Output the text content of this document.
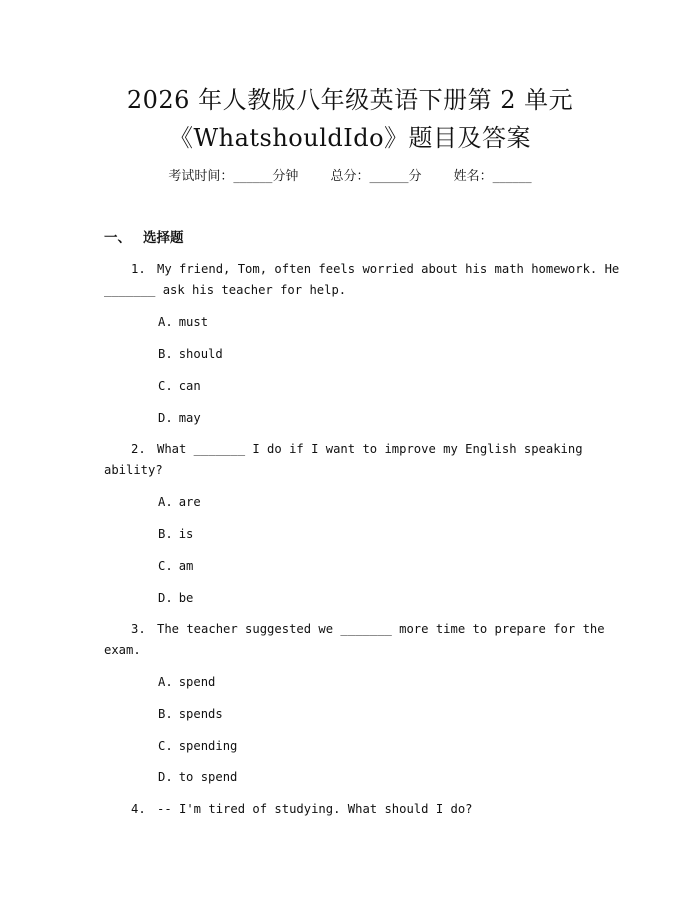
2026 年人教版八年级英语下册第 2 单元
《WhatshouldIdo》题目及答案
考试时间：______分钟 总分：______分 姓名：______
一、 选择题
1. My friend, Tom, often feels worried about his math homework. He
_______ ask his teacher for help.
A. must
B. should
C. can
D. may
2. What _______ I do if I want to improve my English speaking
ability?
A. are
B. is
C. am
D. be
3. The teacher suggested we _______ more time to prepare for the
exam.
A. spend
B. spends
C. spending
D. to spend
4. -- I'm tired of studying. What should I do?
